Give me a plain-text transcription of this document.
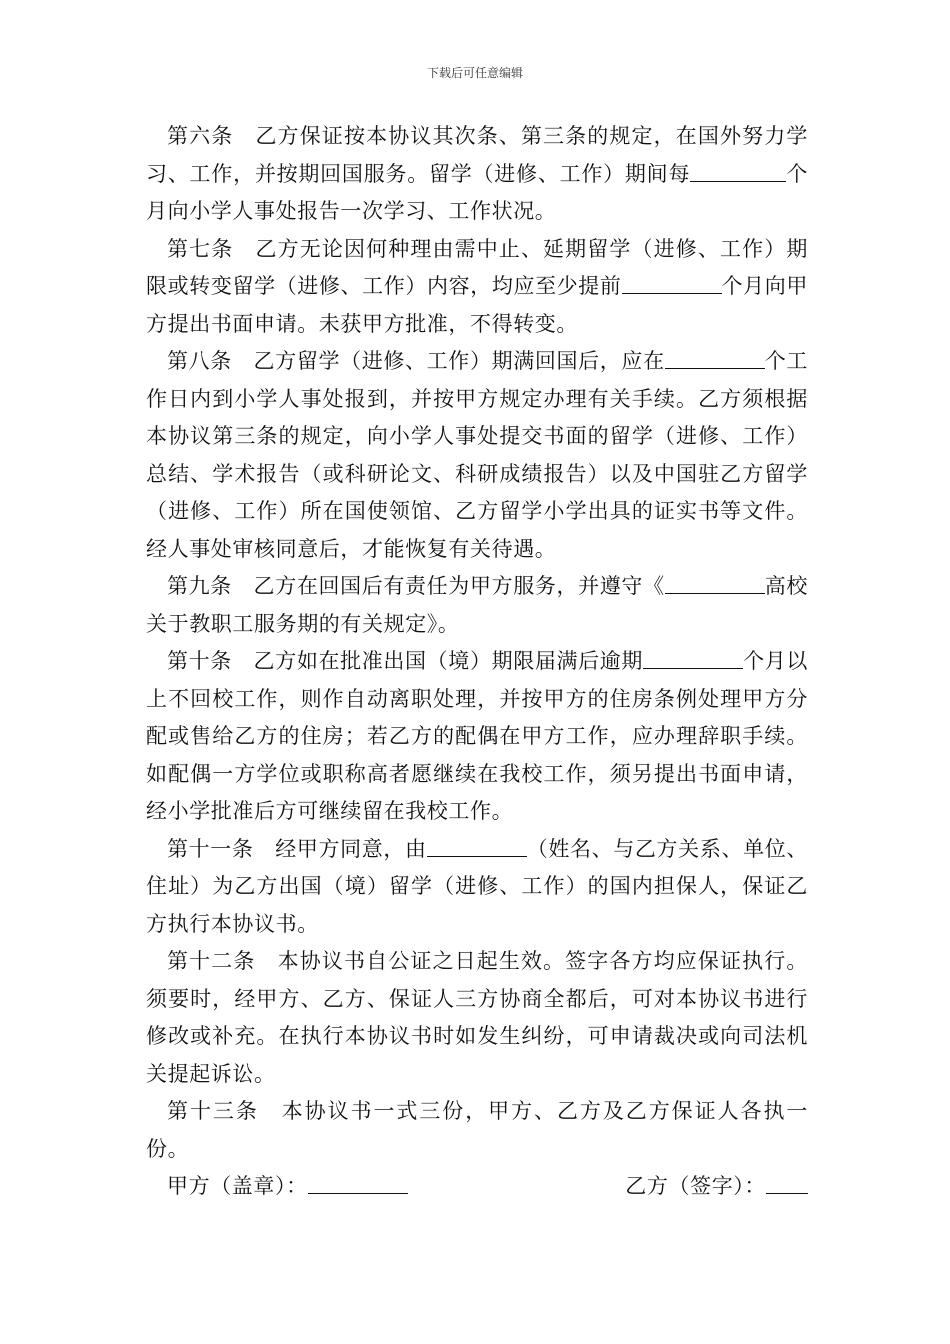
下载后可任意编辑

第六条　乙方保证按本协议其次条、第三条的规定，在国外努力学习、工作，并按期回国服务。留学（进修、工作）期间每	个月向小学人事处报告一次学习、工作状况。

第七条　乙方无论因何种理由需中止、延期留学（进修、工作）期限或转变留学（进修、工作）内容，均应至少提前	个月向甲方提出书面申请。未获甲方批准，不得转变。

第八条　乙方留学（进修、工作）期满回国后，应在	个工作日内到小学人事处报到，并按甲方规定办理有关手续。乙方须根据本协议第三条的规定，向小学人事处提交书面的留学（进修、工作）总结、学术报告（或科研论文、科研成绩报告）以及中国驻乙方留学（进修、工作）所在国使领馆、乙方留学小学出具的证实书等文件。经人事处审核同意后，才能恢复有关待遇。

第九条　乙方在回国后有责任为甲方服务，并遵守《	高校关于教职工服务期的有关规定》。

第十条　乙方如在批准出国（境）期限届满后逾期	个月以上不回校工作，则作自动离职处理，并按甲方的住房条例处理甲方分配或售给乙方的住房；若乙方的配偶在甲方工作，应办理辞职手续。如配偶一方学位或职称高者愿继续在我校工作，须另提出书面申请，经小学批准后方可继续留在我校工作。

第十一条　经甲方同意，由	（姓名、与乙方关系、单位、住址）为乙方出国（境）留学（进修、工作）的国内担保人，保证乙方执行本协议书。

第十二条　本协议书自公证之日起生效。签字各方均应保证执行。须要时，经甲方、乙方、保证人三方协商全都后，可对本协议书进行修改或补充。在执行本协议书时如发生纠纷，可申请裁决或向司法机关提起诉讼。

第十三条　本协议书一式三份，甲方、乙方及乙方保证人各执一份。

甲方（盖章）：	乙方（签字）：
